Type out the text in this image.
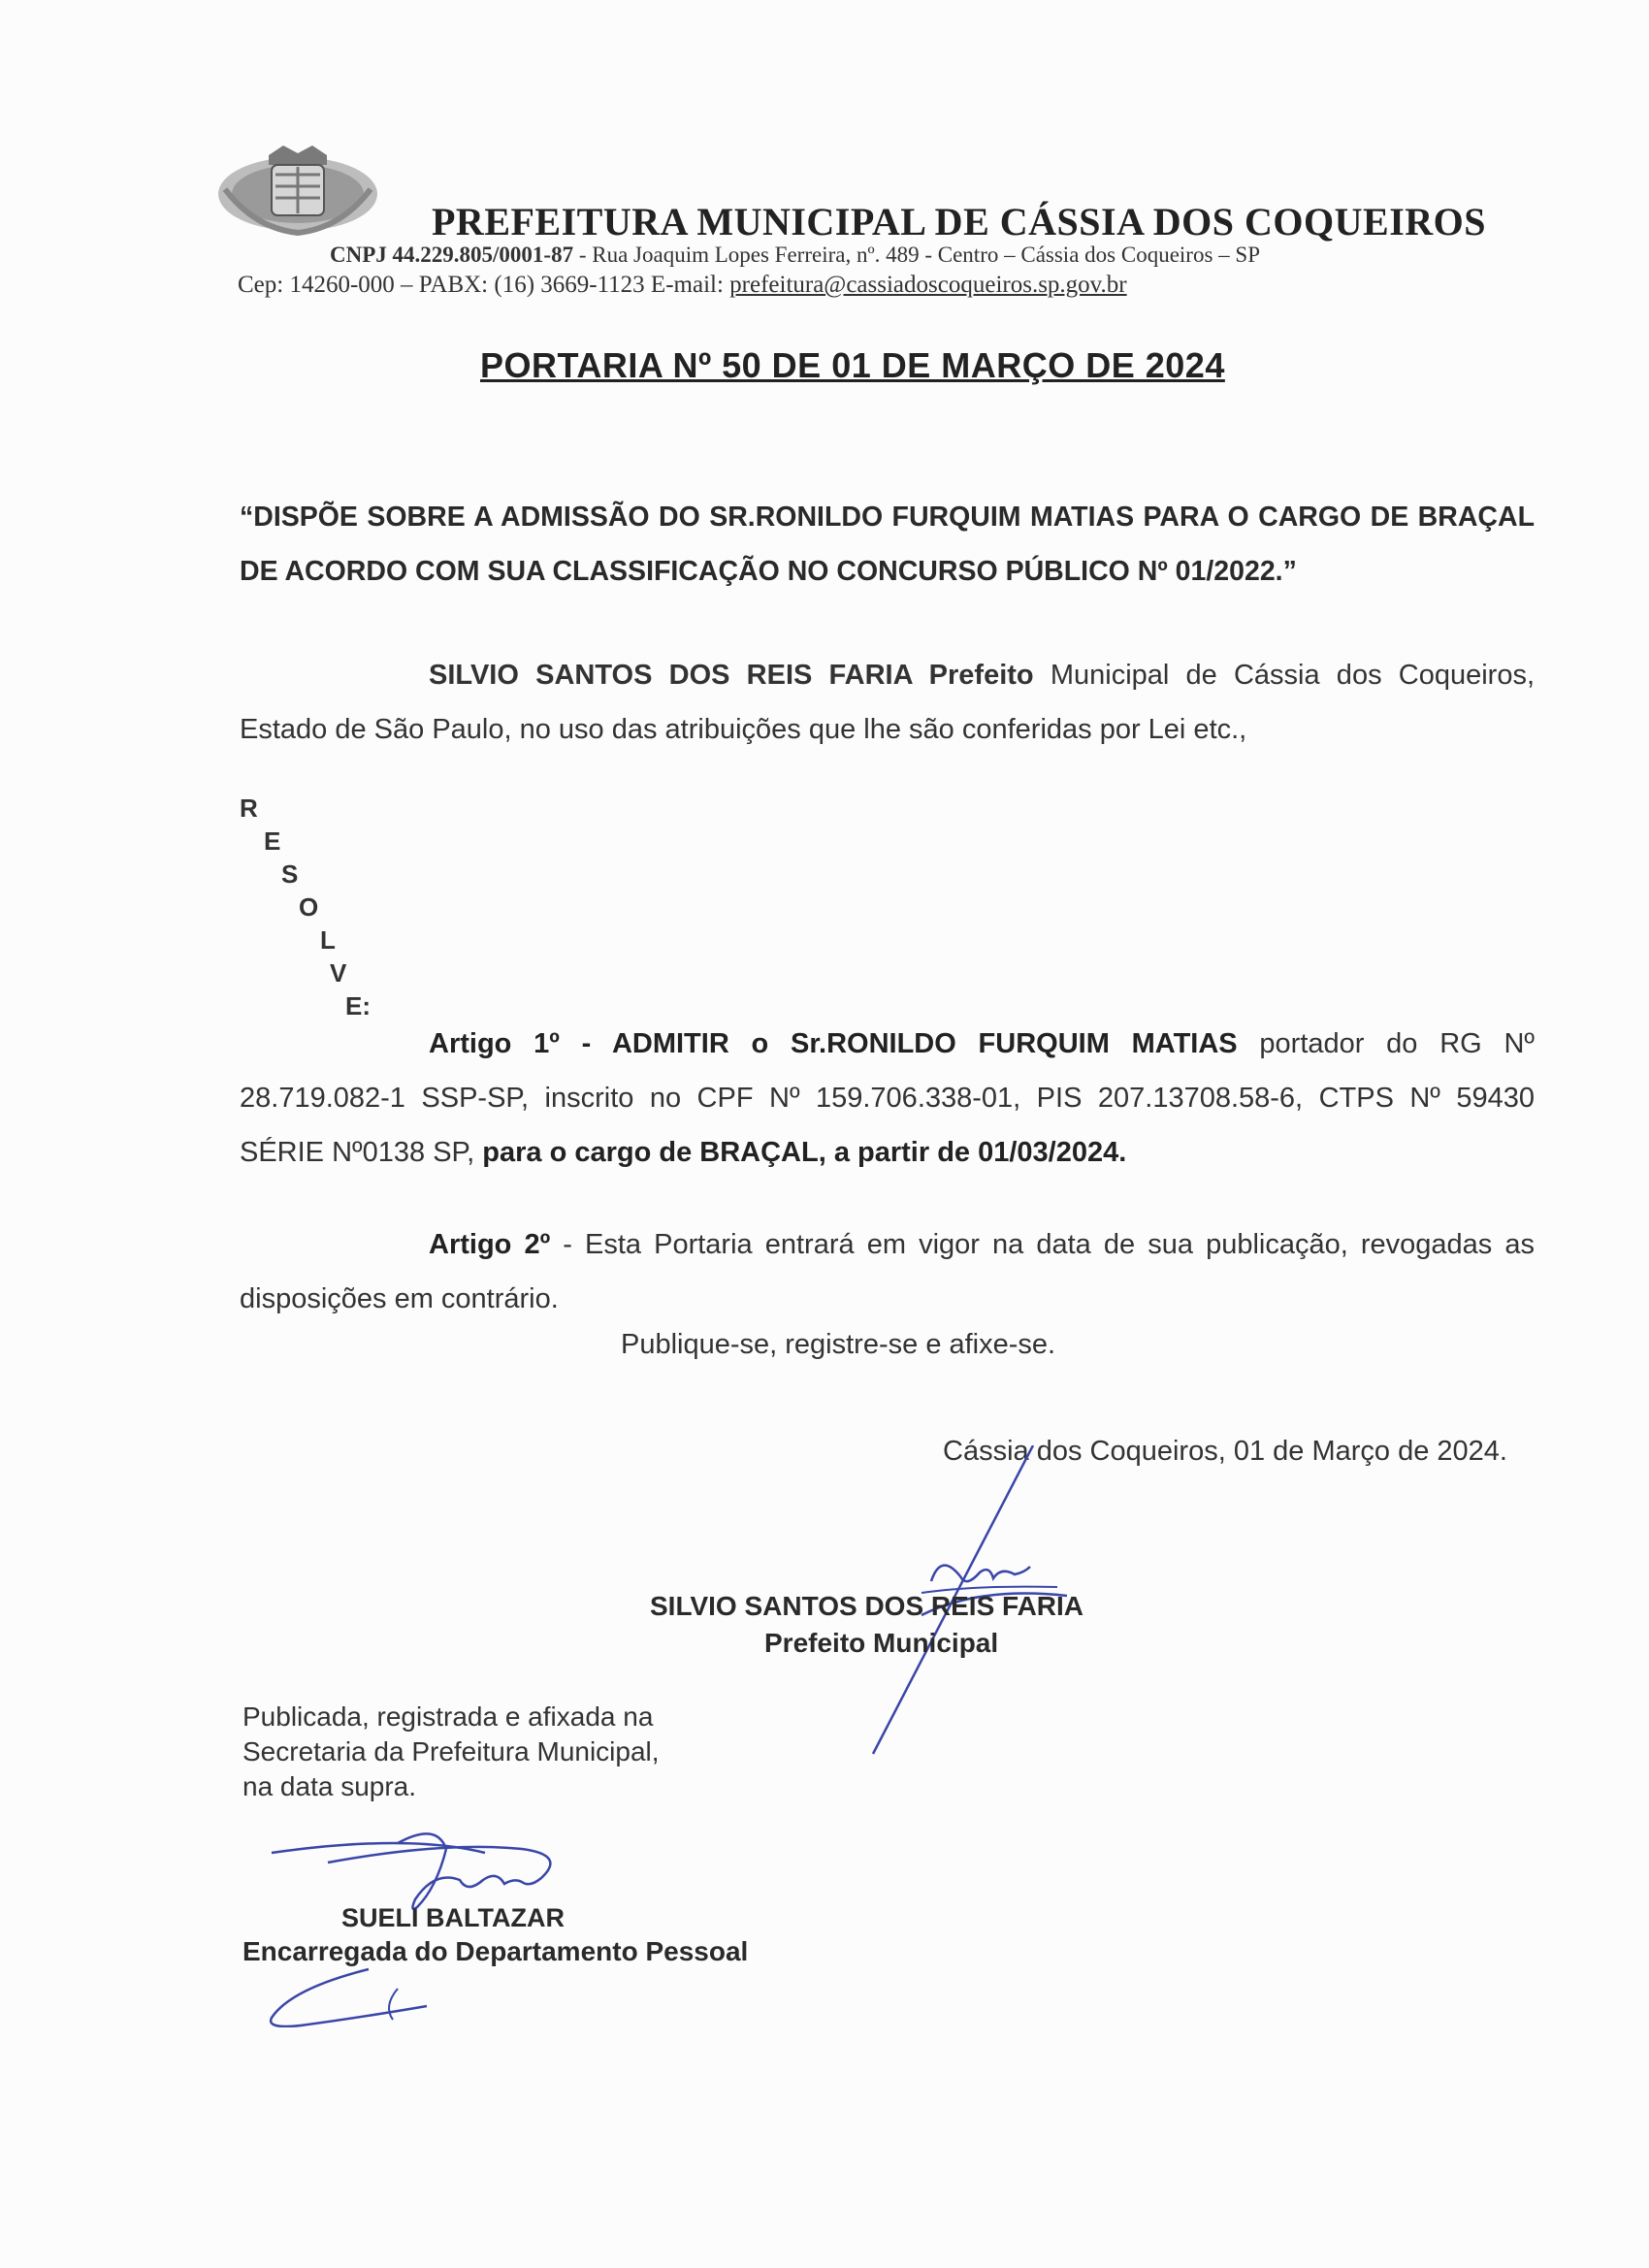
PREFEITURA MUNICIPAL DE CÁSSIA DOS COQUEIROS
CNPJ 44.229.805/0001-87 - Rua Joaquim Lopes Ferreira, nº. 489 - Centro – Cássia dos Coqueiros – SP
Cep: 14260-000 – PABX: (16) 3669-1123 E-mail: prefeitura@cassiadoscoqueiros.sp.gov.br
PORTARIA Nº 50 DE 01 DE MARÇO DE 2024
“DISPÕE SOBRE A ADMISSÃO DO SR.RONILDO FURQUIM MATIAS PARA O CARGO DE BRAÇAL DE ACORDO COM SUA CLASSIFICAÇÃO NO CONCURSO PÚBLICO Nº 01/2022.”
SILVIO SANTOS DOS REIS FARIA Prefeito Municipal de Cássia dos Coqueiros, Estado de São Paulo, no uso das atribuições que lhe são conferidas por Lei etc.,
R
E
S
O
L
V
E:
Artigo 1º - ADMITIR o Sr.RONILDO FURQUIM MATIAS portador do RG Nº 28.719.082-1 SSP-SP, inscrito no CPF Nº 159.706.338-01, PIS 207.13708.58-6, CTPS Nº 59430 SÉRIE Nº0138 SP, para o cargo de BRAÇAL, a partir de 01/03/2024.
Artigo 2º - Esta Portaria entrará em vigor na data de sua publicação, revogadas as disposições em contrário.
Publique-se, registre-se e afixe-se.
Cássia dos Coqueiros, 01 de Março de 2024.
SILVIO SANTOS DOS REIS FARIA
Prefeito Municipal
Publicada, registrada e afixada na
Secretaria da Prefeitura Municipal,
na data supra.
SUELI BALTAZAR
Encarregada do Departamento Pessoal
